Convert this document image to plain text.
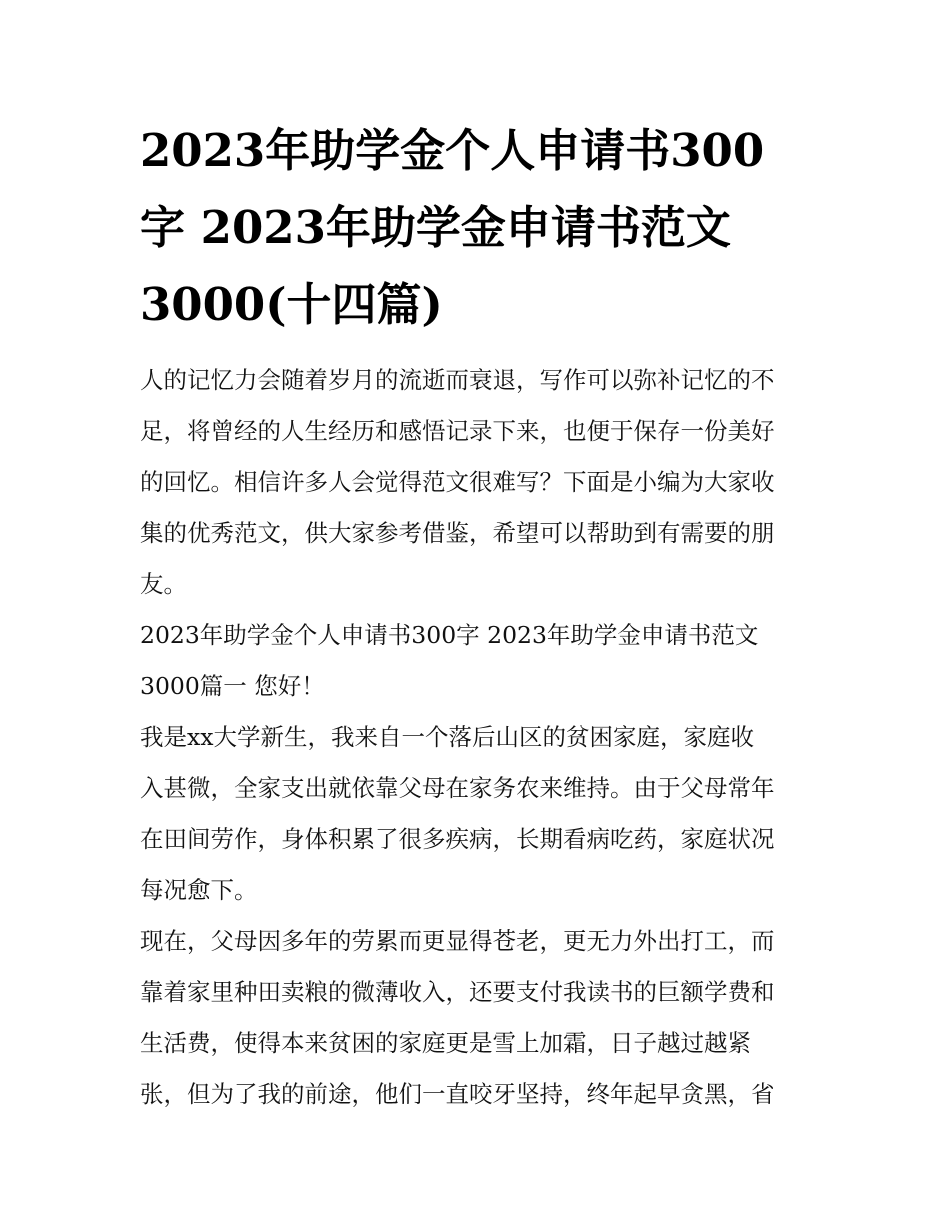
2023年助学金个人申请书300
字 2023年助学金申请书范文
3000(十四篇)

人的记忆力会随着岁月的流逝而衰退，写作可以弥补记忆的不
足，将曾经的人生经历和感悟记录下来，也便于保存一份美好
的回忆。相信许多人会觉得范文很难写？下面是小编为大家收
集的优秀范文，供大家参考借鉴，希望可以帮助到有需要的朋
友。

2023年助学金个人申请书300字 2023年助学金申请书范文
3000篇一 您好！

我是xx大学新生，我来自一个落后山区的贫困家庭，家庭收
入甚微，全家支出就依靠父母在家务农来维持。由于父母常年
在田间劳作，身体积累了很多疾病，长期看病吃药，家庭状况
每况愈下。

现在，父母因多年的劳累而更显得苍老，更无力外出打工，而
靠着家里种田卖粮的微薄收入，还要支付我读书的巨额学费和
生活费，使得本来贫困的家庭更是雪上加霜，日子越过越紧
张，但为了我的前途，他们一直咬牙坚持，终年起早贪黑，省
